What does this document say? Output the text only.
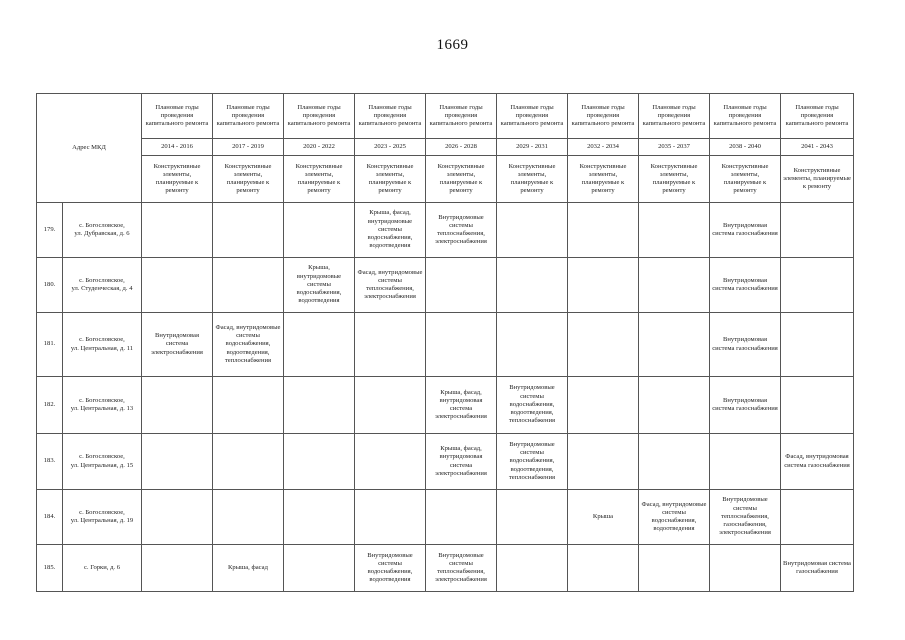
1669
Адрес МКД		Плановые годы проведения капитального ремонта	Плановые годы проведения капитального ремонта	Плановые годы проведения капитального ремонта	Плановые годы проведения капитального ремонта	Плановые годы проведения капитального ремонта	Плановые годы проведения капитального ремонта	Плановые годы проведения капитального ремонта	Плановые годы проведения капитального ремонта	Плановые годы проведения капитального ремонта	Плановые годы проведения капитального ремонта
		2014 - 2016	2017 - 2019	2020 - 2022	2023 - 2025	2026 - 2028	2029 - 2031	2032 - 2034	2035 - 2037	2038 - 2040	2041 - 2043
		Конструктивные элементы, планируемые к ремонту	Конструктивные элементы, планируемые к ремонту	Конструктивные элементы, планируемые к ремонту	Конструктивные элементы, планируемые к ремонту	Конструктивные элементы, планируемые к ремонту	Конструктивные элементы, планируемые к ремонту	Конструктивные элементы, планируемые к ремонту	Конструктивные элементы, планируемые к ремонту	Конструктивные элементы, планируемые к ремонту	Конструктивные элементы, планируемые к ремонту
179.	с. Богословское,
ул. Дубравская, д. 6				Крыша, фасад, внутридомовые системы водоснабжения, водоотведения	Внутридомовые системы теплоснабжения, электроснабжения				Внутридомовая система газоснабжения	
180.	с. Богословское,
ул. Студенческая, д. 4			Крыша, внутридомовые системы водоснабжения, водоотведения	Фасад, внутридомовые системы теплоснабжения, электроснабжения					Внутридомовая система газоснабжения	
181.	с. Богословское,
ул. Центральная, д. 11	Внутридомовая система электроснабжения	Фасад, внутридомовые системы водоснабжения, водоотведения, теплоснабжения							Внутридомовая система газоснабжения	
182.	с. Богословское,
ул. Центральная, д. 13					Крыша, фасад, внутридомовая система электроснабжения	Внутридомовые системы водоснабжения, водоотведения, теплоснабжения			Внутридомовая система газоснабжения	
183.	с. Богословское,
ул. Центральная, д. 15					Крыша, фасад, внутридомовая система электроснабжения	Внутридомовые системы водоснабжения, водоотведения, теплоснабжения				Фасад, внутридомовая система газоснабжения
184.	с. Богословское,
ул. Центральная, д. 19							Крыша	Фасад, внутридомовые системы водоснабжения, водоотведения	Внутридомовые системы теплоснабжения, газоснабжения, электроснабжения	
185.	с. Горки, д. 6		Крыша, фасад		Внутридомовые системы водоснабжения, водоотведения	Внутридомовые системы теплоснабжения, электроснабжения					Внутридомовая система газоснабжения
